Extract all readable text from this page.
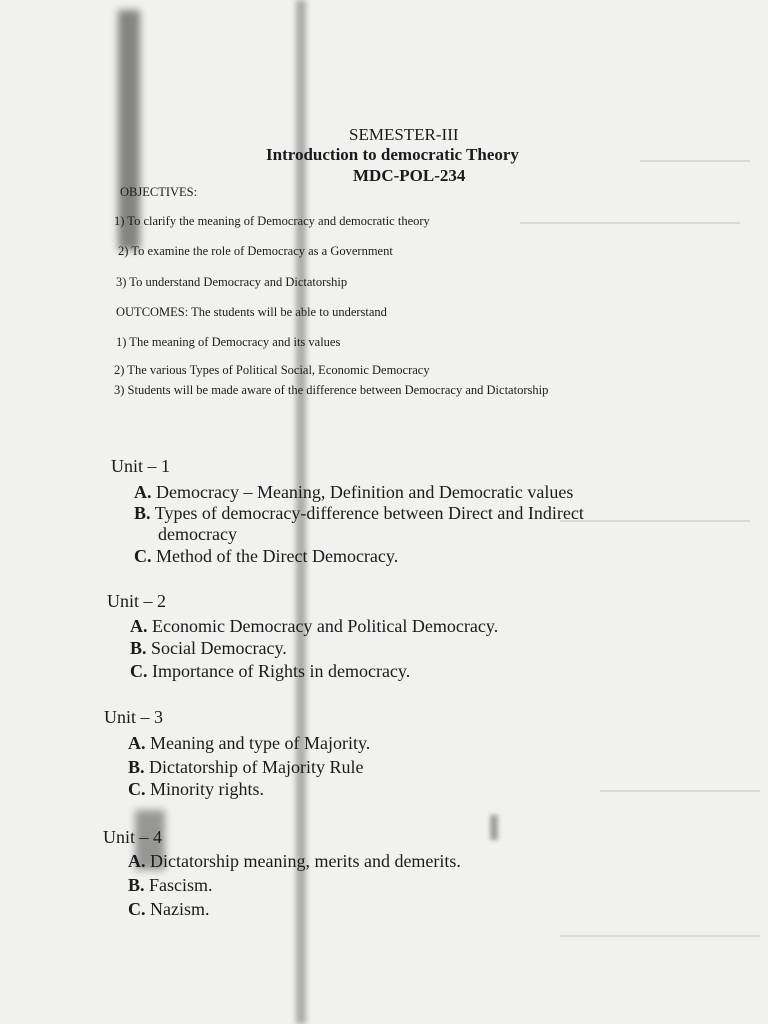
SEMESTER-III
Introduction to democratic Theory
MDC-POL-234
OBJECTIVES:
1) To clarify the meaning of Democracy and democratic theory
2) To examine the role of Democracy as a Government
3) To understand Democracy and Dictatorship
OUTCOMES: The students will be able to understand
1) The meaning of Democracy and its values
2) The various Types of Political Social, Economic Democracy
3) Students will be made aware of the difference between Democracy and Dictatorship
Unit – 1
A. Democracy – Meaning, Definition and Democratic values
B. Types of democracy-difference between Direct and Indirect
democracy
C. Method of the Direct Democracy.
Unit – 2
A. Economic Democracy and Political Democracy.
B. Social Democracy.
C. Importance of Rights in democracy.
Unit – 3
A. Meaning and type of Majority.
B. Dictatorship of Majority Rule
C. Minority rights.
Unit – 4
A. Dictatorship meaning, merits and demerits.
B. Fascism.
C. Nazism.
